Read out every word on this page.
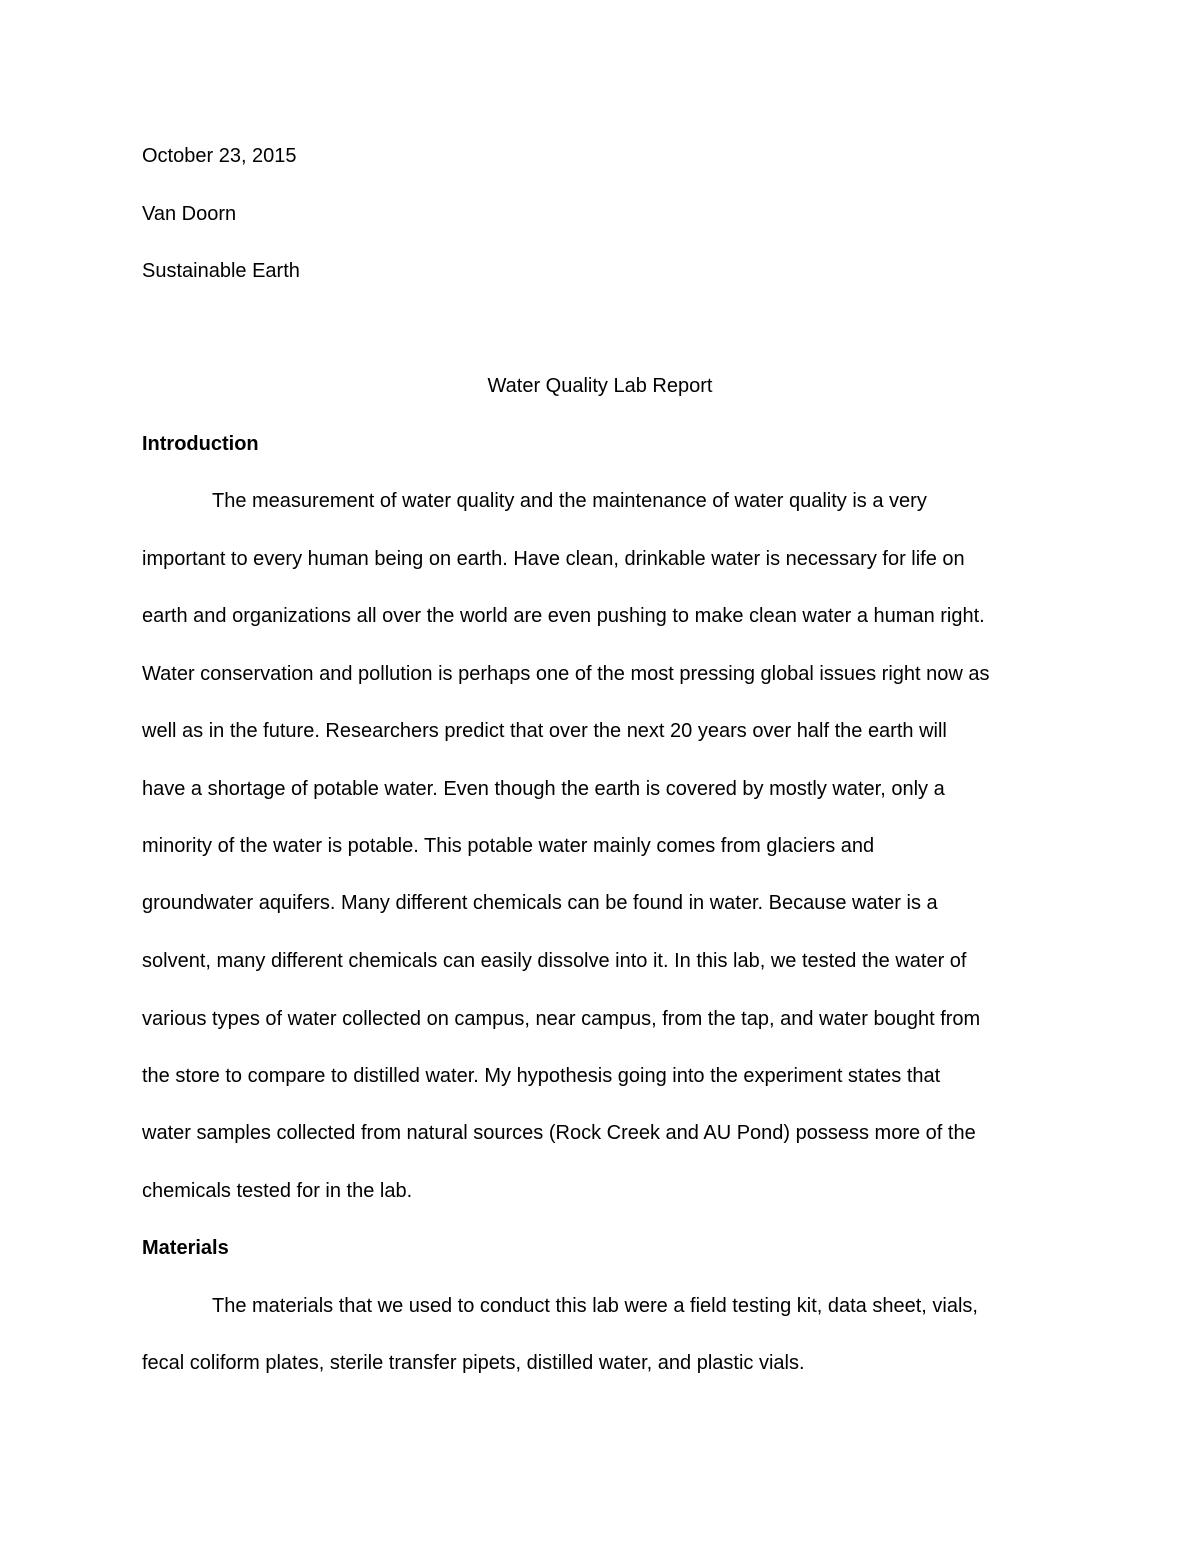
October 23, 2015
Van Doorn
Sustainable Earth
Water Quality Lab Report
Introduction
The measurement of water quality and the maintenance of water quality is a very
important to every human being on earth. Have clean, drinkable water is necessary for life on
earth and organizations all over the world are even pushing to make clean water a human right.
Water conservation and pollution is perhaps one of the most pressing global issues right now as
well as in the future. Researchers predict that over the next 20 years over half the earth will
have a shortage of potable water. Even though the earth is covered by mostly water, only a
minority of the water is potable. This potable water mainly comes from glaciers and
groundwater aquifers. Many different chemicals can be found in water. Because water is a
solvent, many different chemicals can easily dissolve into it. In this lab, we tested the water of
various types of water collected on campus, near campus, from the tap, and water bought from
the store to compare to distilled water. My hypothesis going into the experiment states that
water samples collected from natural sources (Rock Creek and AU Pond) possess more of the
chemicals tested for in the lab.
Materials
The materials that we used to conduct this lab were a field testing kit, data sheet, vials,
fecal coliform plates, sterile transfer pipets, distilled water, and plastic vials.
